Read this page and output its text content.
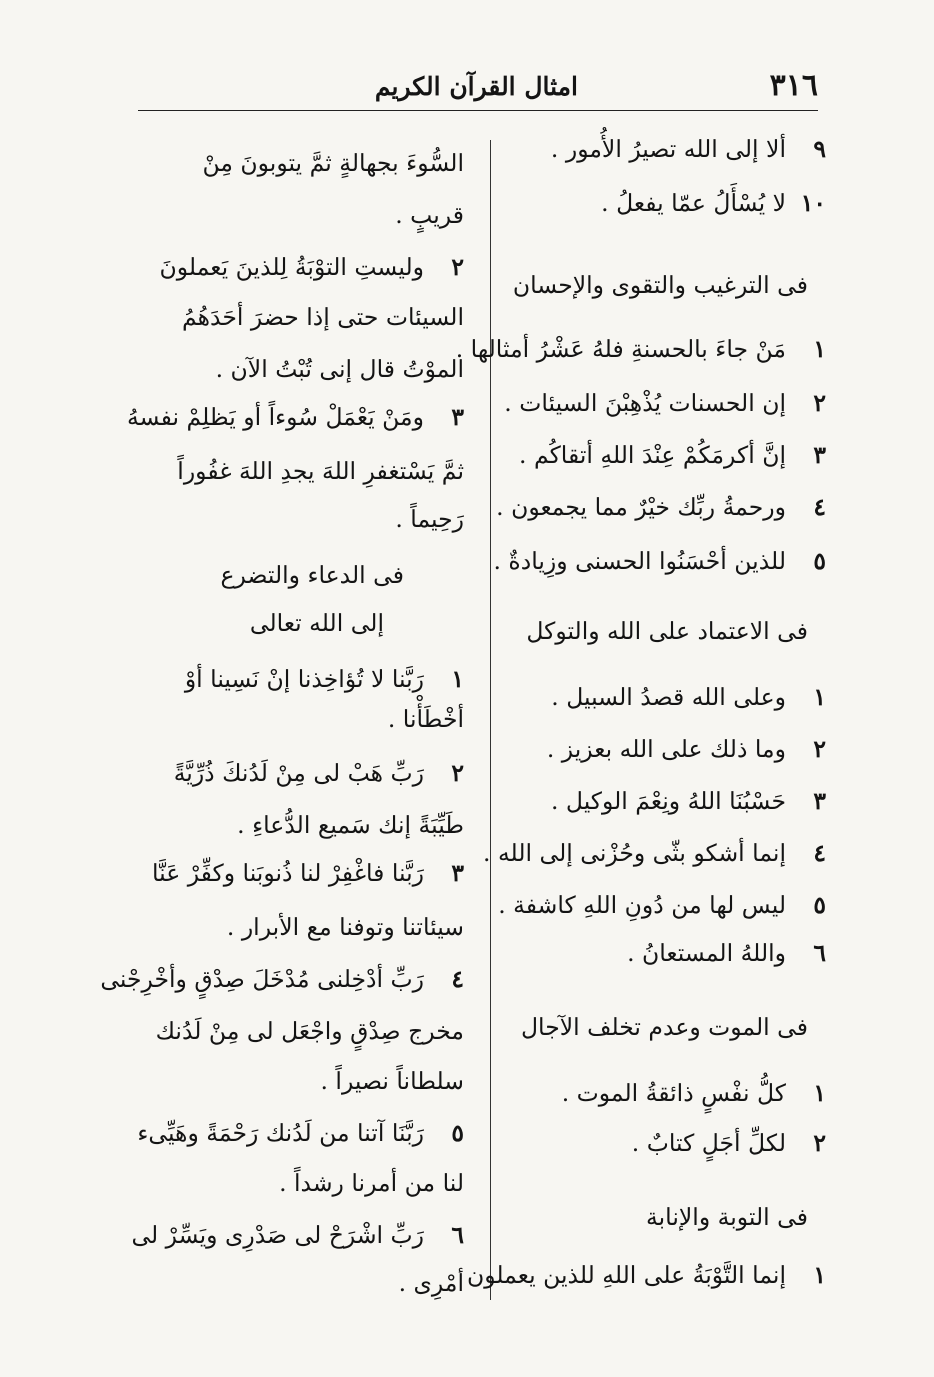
٣١٦
امثال القرآن الكريم
٩ألا إلى الله تصيرُ الأُمور .
١٠لا يُسْأَلُ عمّا يفعلُ .
فى الترغيب والتقوى والإحسان
١مَنْ جاءَ بالحسنةِ فلهُ عَشْرُ أمثالها .
٢إن الحسنات يُذْهِبْنَ السيئات .
٣إنَّ أكرمَكُمْ عِنْدَ اللهِ أتقاكُم .
٤ورحمةُ ربِّك خيْرٌ مما يجمعون .
٥للذين أحْسَنُوا الحسنى وزِيادةٌ .
فى الاعتماد على الله والتوكل
١وعلى الله قصدُ السبيل .
٢وما ذلك على الله بعزيز .
٣حَسْبُنَا اللهُ ونِعْمَ الوكيل .
٤إنما أشكو بثّى وحُزْنى إلى الله .
٥ليس لها من دُونِ اللهِ كاشفة .
٦واللهُ المستعانُ .
فى الموت وعدم تخلف الآجال
١كلُّ نفْسٍ ذائقةُ الموت .
٢لكلِّ أجَلٍ كتابٌ .
فى التوبة والإنابة
١إنما التَّوْبَةُ على اللهِ للذين يعملون
السُّوءَ بجهالةٍ ثمَّ يتوبونَ مِنْ
قريبٍ .
٢وليستِ التوْبَةُ لِلذينَ يَعملونَ
السيئات حتى إذا حضرَ أحَدَهُمُ
الموْتُ قال إنى تُبْتُ الآن .
٣ومَنْ يَعْمَلْ سُوءاً أو يَظلِمْ نفسهُ
ثمَّ يَسْتغفرِ اللهَ يجدِ اللهَ غفُوراً
رَحِيماً .
فى الدعاء والتضرع
إلى الله تعالى
١رَبَّنا لا تُؤاخِذنا إنْ نَسِينا أوْ
أخْطَأْنا .
٢رَبِّ هَبْ لى مِنْ لَدُنكَ ذُرِّيَّةً
طَيِّبَةً إنك سَميع الدُّعاءِ .
٣رَبَّنا فاغْفِرْ لنا ذُنوبَنا وكفِّرْ عَنَّا
سيئاتنا وتوفنا مع الأبرار .
٤رَبِّ أدْخِلنى مُدْخَلَ صِدْقٍ وأخْرِجْنى
مخرج صِدْقٍ واجْعَل لى مِنْ لَدُنك
سلطاناً نصيراً .
٥رَبَّنَا آتنا من لَدُنك رَحْمَةً وهَيِّىء
لنا من أمرنا رشداً .
٦رَبِّ اشْرَحْ لى صَدْرِى ويَسِّرْ لى
أمْرِى .
